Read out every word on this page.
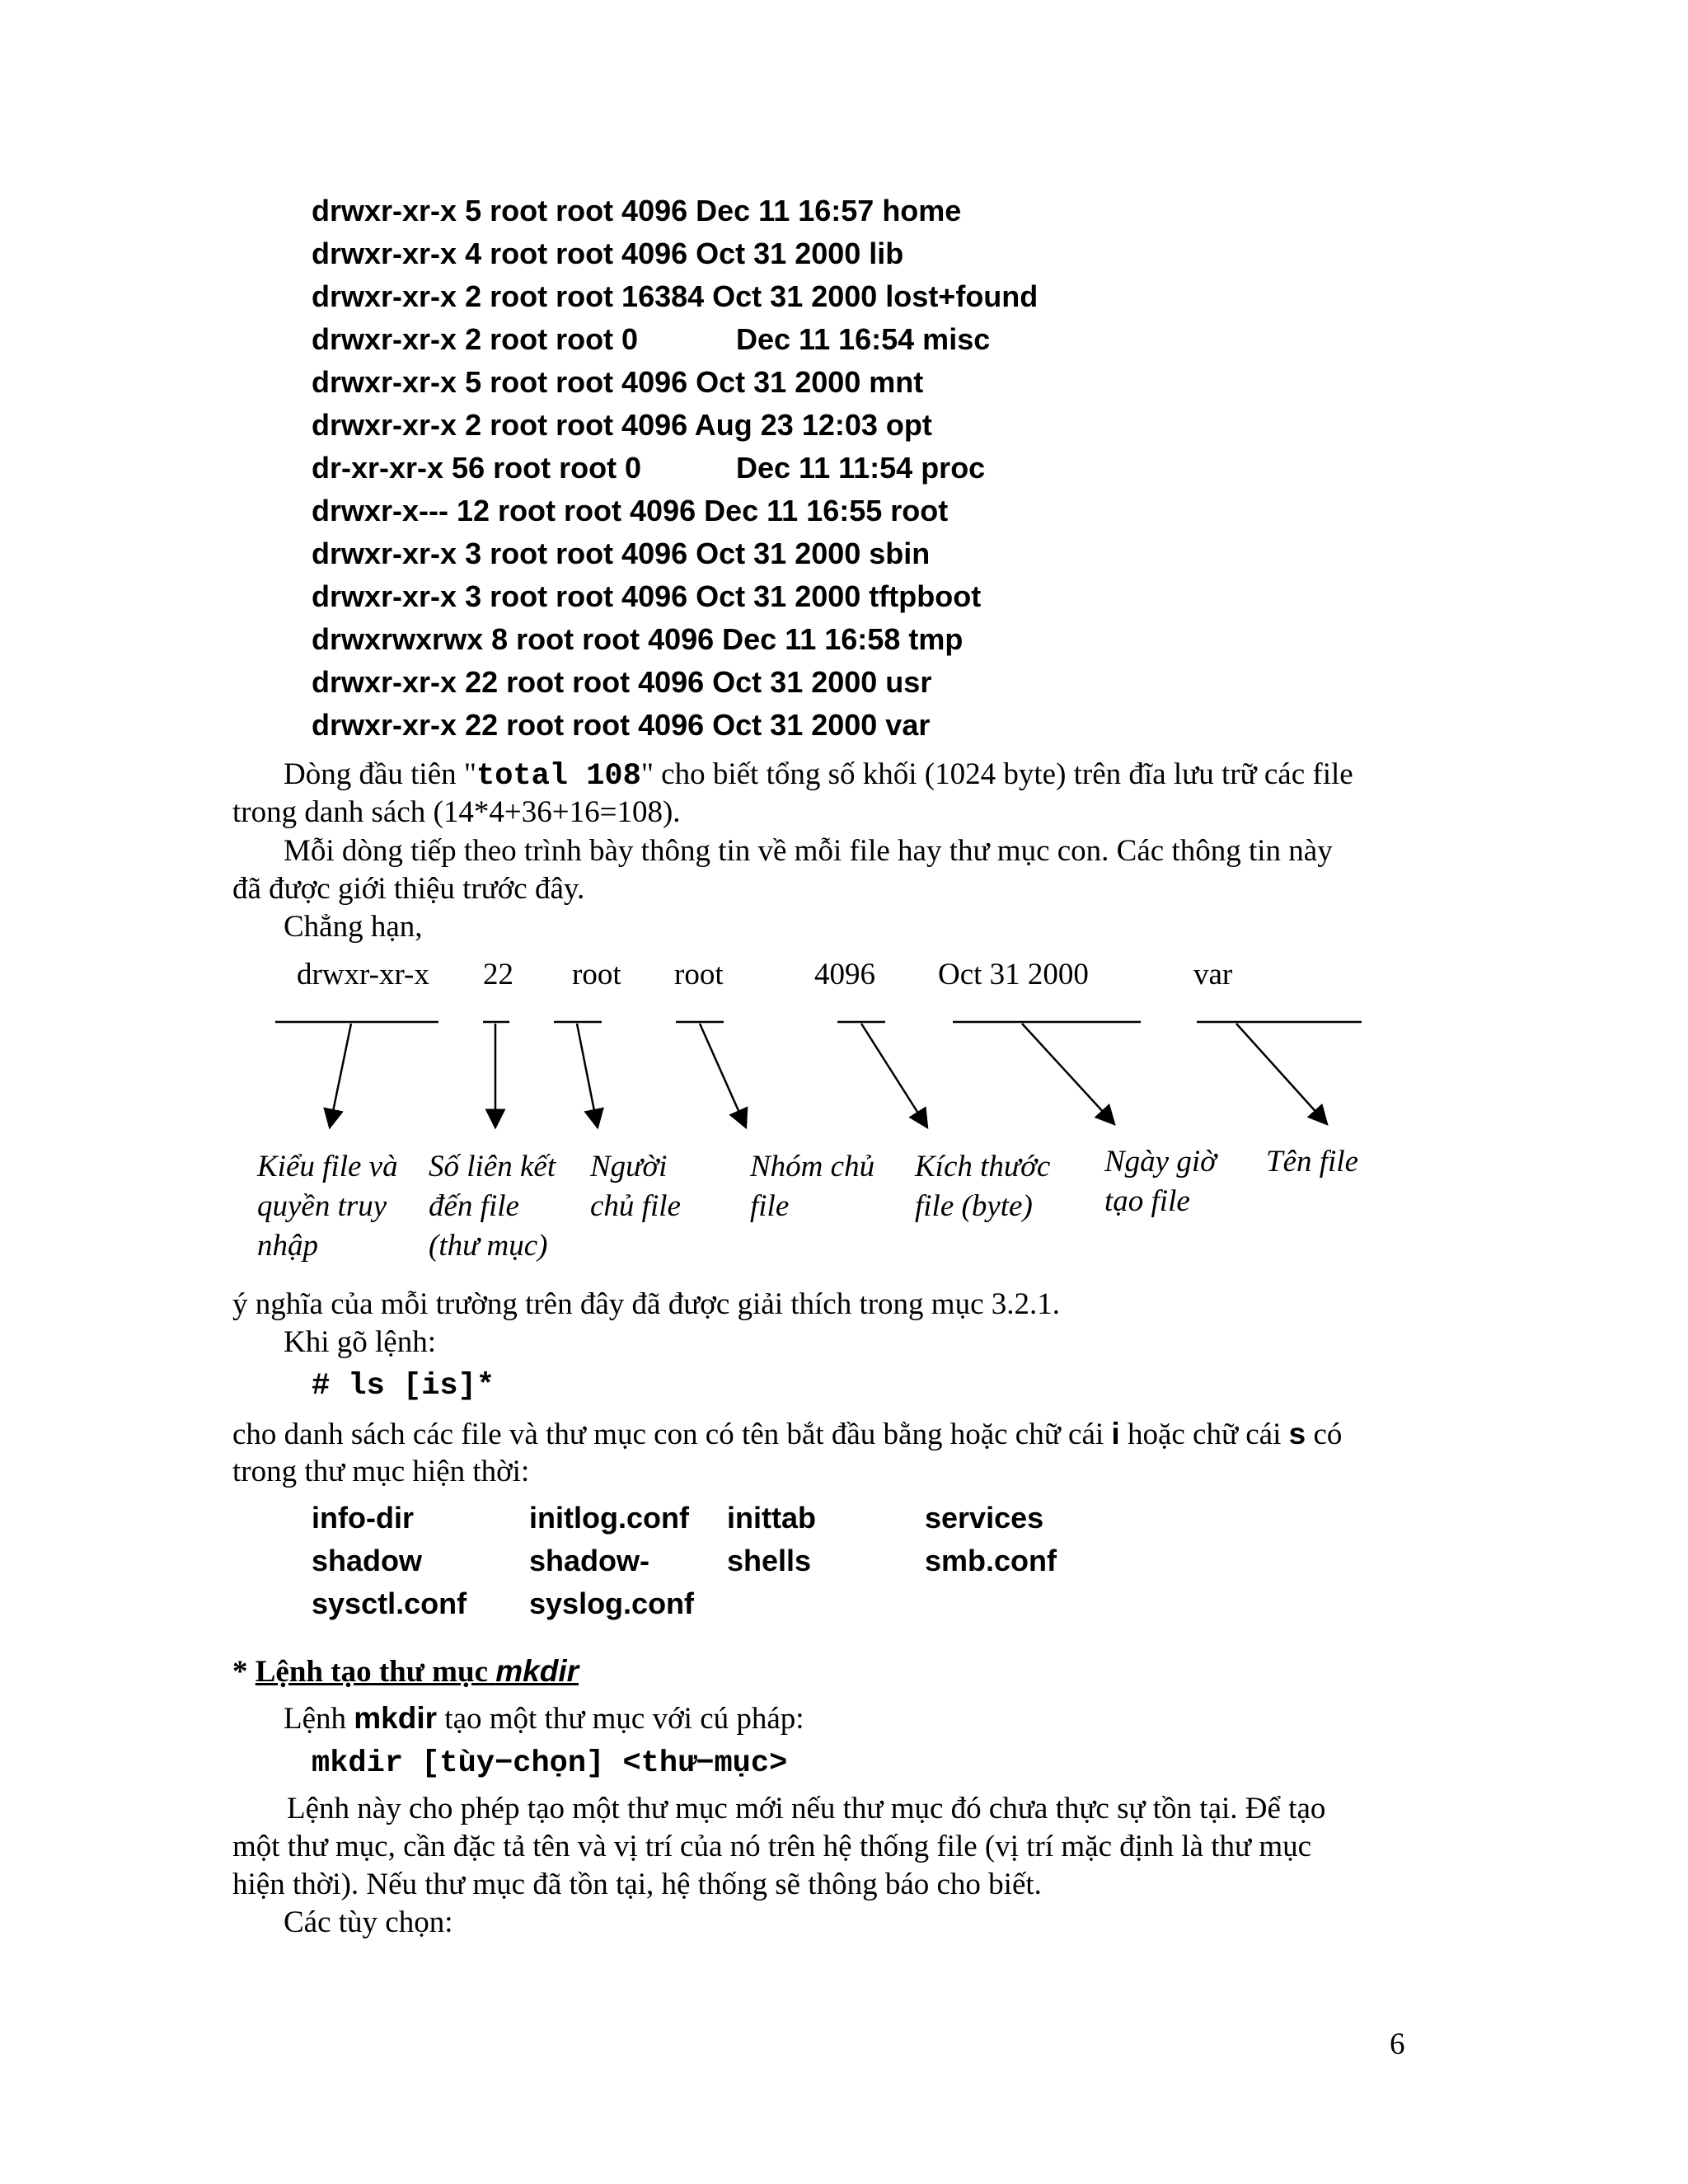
drwxr-xr-x 5 root root 4096 Dec 11 16:57 home
drwxr-xr-x 4 root root 4096 Oct 31 2000 lib
drwxr-xr-x 2 root root 16384 Oct 31 2000 lost+found
drwxr-xr-x 2 root root 0	Dec 11 16:54 misc
drwxr-xr-x 5 root root 4096 Oct 31 2000 mnt
drwxr-xr-x 2 root root 4096 Aug 23 12:03 opt
dr-xr-xr-x 56 root root 0	Dec 11 11:54 proc
drwxr-x--- 12 root root 4096 Dec 11 16:55 root
drwxr-xr-x 3 root root 4096 Oct 31 2000 sbin
drwxr-xr-x 3 root root 4096 Oct 31 2000 tftpboot
drwxrwxrwx 8 root root 4096 Dec 11 16:58 tmp
drwxr-xr-x 22 root root 4096 Oct 31 2000 usr
drwxr-xr-x 22 root root 4096 Oct 31 2000 var
Dòng đầu tiên "total 108" cho biết tổng số khối (1024 byte) trên đĩa lưu trữ các file
trong danh sách (14*4+36+16=108).
Mỗi dòng tiếp theo trình bày thông tin về mỗi file hay thư mục con. Các thông tin này
đã được giới thiệu trước đây.
Chẳng hạn,
drwxr-xr-x 22 root root	4096 Oct 31 2000	var
Kiểu file và
quyền truy
nhập
Số liên kết
đến file
(thư mục)
Người
chủ file
Nhóm chủ
file
Kích thước
file (byte)
Ngày giờ
tạo file
Tên file
ý nghĩa của mỗi trường trên đây đã được giải thích trong mục 3.2.1.
Khi gõ lệnh:
# ls [is]*
cho danh sách các file và thư mục con có tên bắt đầu bằng hoặc chữ cái i hoặc chữ cái s có
trong thư mục hiện thời:
info-dir	initlog.conf inittab	services
shadow	shadow-	shells	smb.conf
sysctl.conf syslog.conf
* Lệnh tạo thư mục mkdir
Lệnh mkdir tạo một thư mục với cú pháp:
mkdir [tùy−chọn] <thư−mục>
Lệnh này cho phép tạo một thư mục mới nếu thư mục đó chưa thực sự tồn tại. Để tạo
một thư mục, cần đặc tả tên và vị trí của nó trên hệ thống file (vị trí mặc định là thư mục
hiện thời). Nếu thư mục đã tồn tại, hệ thống sẽ thông báo cho biết.
Các tùy chọn:
6
